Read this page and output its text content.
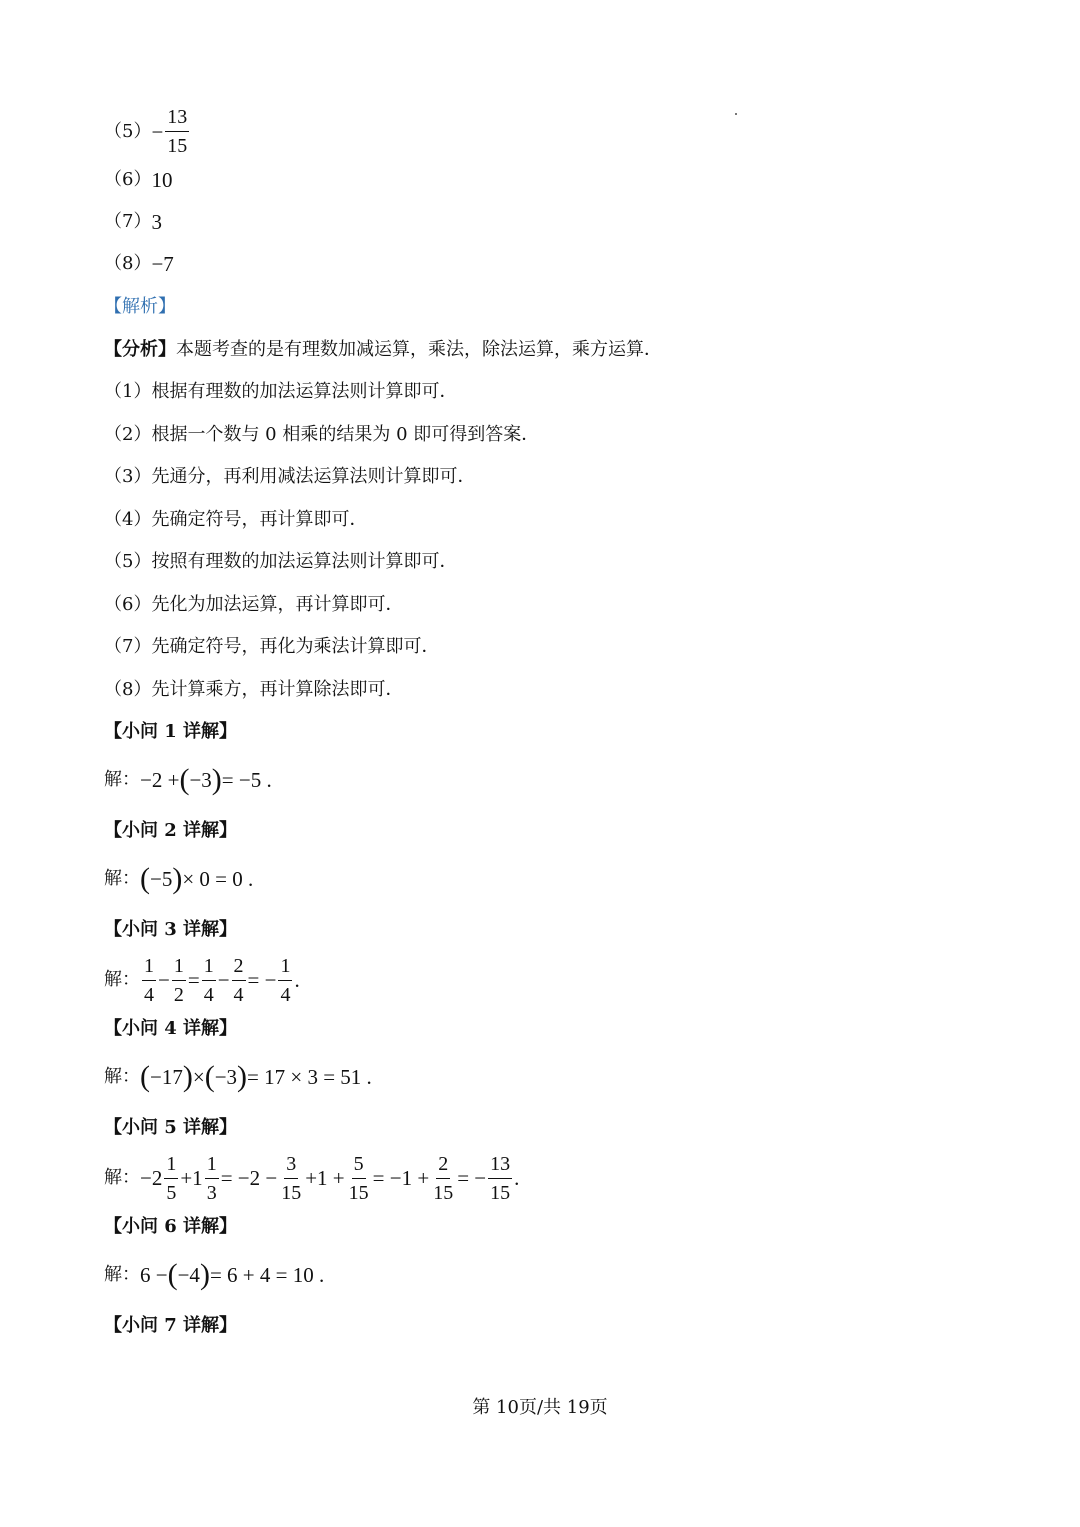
$(5) - \frac{13}{15}$
（6） 10
（7） 3
（8） −7
【解析】
【分析】 本题考查的是有理数加减运算，乘法，除法运算，乘方运算．
（1）根据有理数的加法运算法则计算即可．
（2）根据一个数与 0 相乘的结果为 0 即可得到答案．
（3）先通分，再利用减法运算法则计算即可．
（4）先确定符号，再计算即可．
（5）按照有理数的加法运算法则计算即可．
（6）先化为加法运算，再计算即可．
（7）先确定符号，再化为乘法计算即可．
（8）先计算乘方，再计算除法即可．
【小问 1 详解】
解： −2 + ( −3 ) = −5 .
【小问 2 详解】
解： ( −5 ) × 0 = 0 .
【小问 3 详解】
解： $\frac{1}{4} - \frac{1}{2} = \frac{1}{4} - \frac{2}{4}$ = − $\frac{1}{4}$ .
【小问 4 详解】
解： ( −17 ) × ( −3 ) = 17 × 3 = 51 .
【小问 5 详解】
解： $-2 \frac{1}{5} +1 \frac{1}{3} = -2 - \frac{3}{15} +1 + \frac{5}{15} = -1 + \frac{2}{15}$ = − $\frac{13}{15}$ .
【小问 6 详解】
解： 6 − ( −4 ) = 6 + 4 = 10 .
【小问 7 详解】
第 10页/共 19页
